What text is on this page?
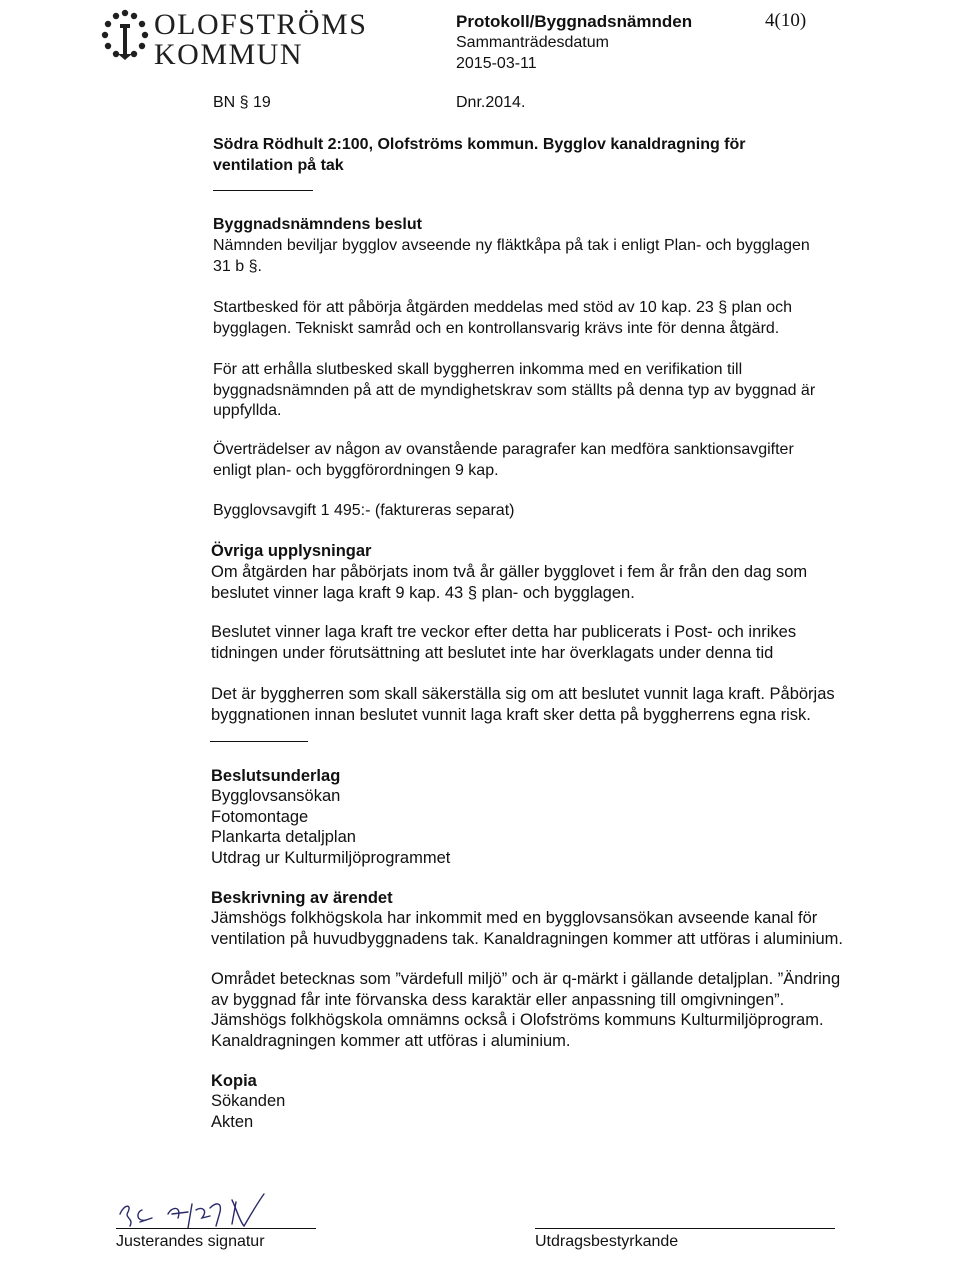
OLOFSTRÖMS
KOMMUN
Protokoll/Byggnadsnämnden
Sammanträdesdatum
2015-03-11
4(10)
BN § 19	Dnr.2014.
Södra Rödhult 2:100, Olofströms kommun. Bygglov kanaldragning för
ventilation på tak
Byggnadsnämndens beslut
Nämnden beviljar bygglov avseende ny fläktkåpa på tak i enligt Plan- och bygglagen
31 b §.
Startbesked för att påbörja åtgärden meddelas med stöd av 10 kap. 23 § plan och
bygglagen. Tekniskt samråd och en kontrollansvarig krävs inte för denna åtgärd.
För att erhålla slutbesked skall byggherren inkomma med en verifikation till
byggnadsnämnden på att de myndighetskrav som ställts på denna typ av byggnad är
uppfyllda.
Överträdelser av någon av ovanstående paragrafer kan medföra sanktionsavgifter
enligt plan- och byggförordningen 9 kap.
Bygglovsavgift 1 495:- (faktureras separat)
Övriga upplysningar
Om åtgärden har påbörjats inom två år gäller bygglovet i fem år från den dag som
beslutet vinner laga kraft 9 kap. 43 § plan- och bygglagen.
Beslutet vinner laga kraft tre veckor efter detta har publicerats i Post- och inrikes
tidningen under förutsättning att beslutet inte har överklagats under denna tid
Det är byggherren som skall säkerställa sig om att beslutet vunnit laga kraft. Påbörjas
byggnationen innan beslutet vunnit laga kraft sker detta på byggherrens egna risk.
Beslutsunderlag
Bygglovsansökan
Fotomontage
Plankarta detaljplan
Utdrag ur Kulturmiljöprogrammet
Beskrivning av ärendet
Jämshögs folkhögskola har inkommit med en bygglovsansökan avseende kanal för
ventilation på huvudbyggnadens tak. Kanaldragningen kommer att utföras i aluminium.
Området betecknas som ”värdefull miljö” och är q-märkt i gällande detaljplan. ”Ändring
av byggnad får inte förvanska dess karaktär eller anpassning till omgivningen”.
Jämshögs folkhögskola omnämns också i Olofströms kommuns Kulturmiljöprogram.
Kanaldragningen kommer att utföras i aluminium.
Kopia
Sökanden
Akten
Justerandes signatur	Utdragsbestyrkande
